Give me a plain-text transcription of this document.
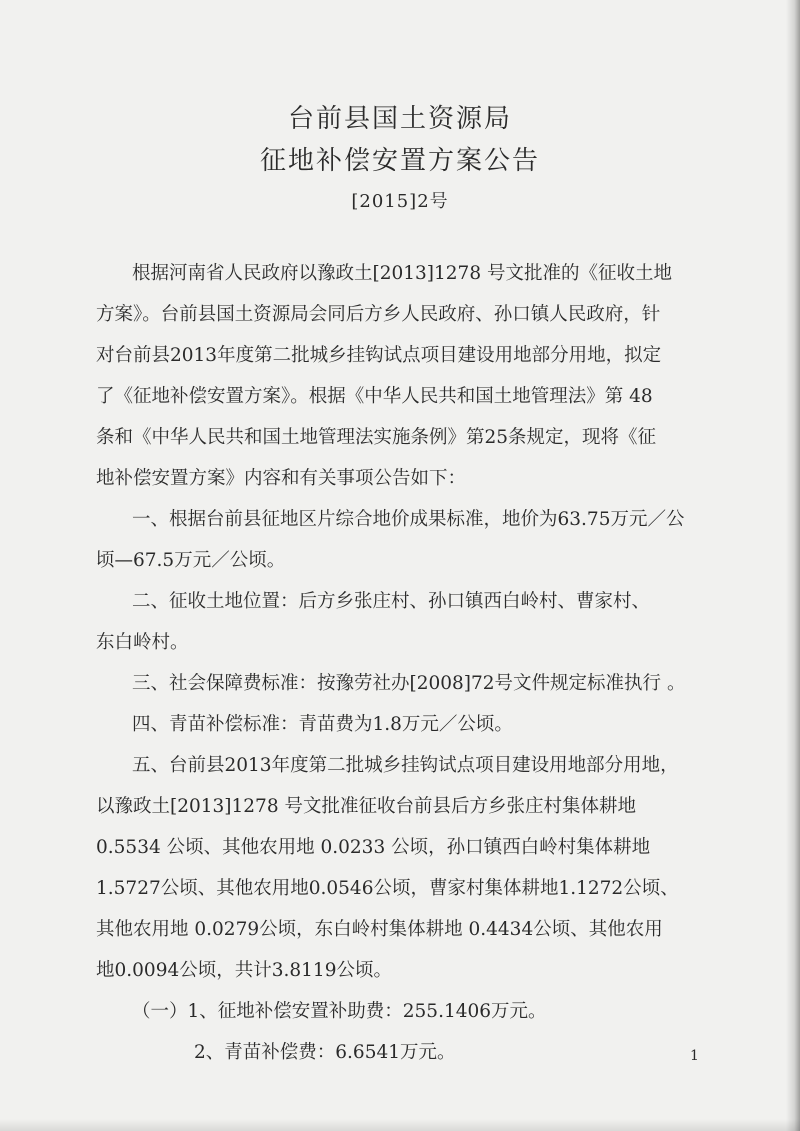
台前县国土资源局
征地补偿安置方案公告
[2015]2号
根据河南省人民政府以豫政土[2013]1278 号文批准的《征收土地
方案》。台前县国土资源局会同后方乡人民政府、孙口镇人民政府，针
对台前县2013年度第二批城乡挂钩试点项目建设用地部分用地，拟定
了《征地补偿安置方案》。根据《中华人民共和国土地管理法》第 48
条和《中华人民共和国土地管理法实施条例》第25条规定，现将《征
地补偿安置方案》内容和有关事项公告如下：
一、根据台前县征地区片综合地价成果标准，地价为63.75万元／公
顷—67.5万元／公顷。
二、征收土地位置：后方乡张庄村、孙口镇西白岭村、曹家村、
东白岭村。
三、社会保障费标准：按豫劳社办[2008]72号文件规定标准执行 。
四、青苗补偿标准：青苗费为1.8万元／公顷。
五、台前县2013年度第二批城乡挂钩试点项目建设用地部分用地，
以豫政土[2013]1278 号文批准征收台前县后方乡张庄村集体耕地
0.5534 公顷、其他农用地 0.0233 公顷，孙口镇西白岭村集体耕地
1.5727公顷、其他农用地0.0546公顷，曹家村集体耕地1.1272公顷、
其他农用地 0.0279公顷，东白岭村集体耕地 0.4434公顷、其他农用
地0.0094公顷，共计3.8119公顷。
（一）1、征地补偿安置补助费：255.1406万元。
2、青苗补偿费：6.6541万元。	1
